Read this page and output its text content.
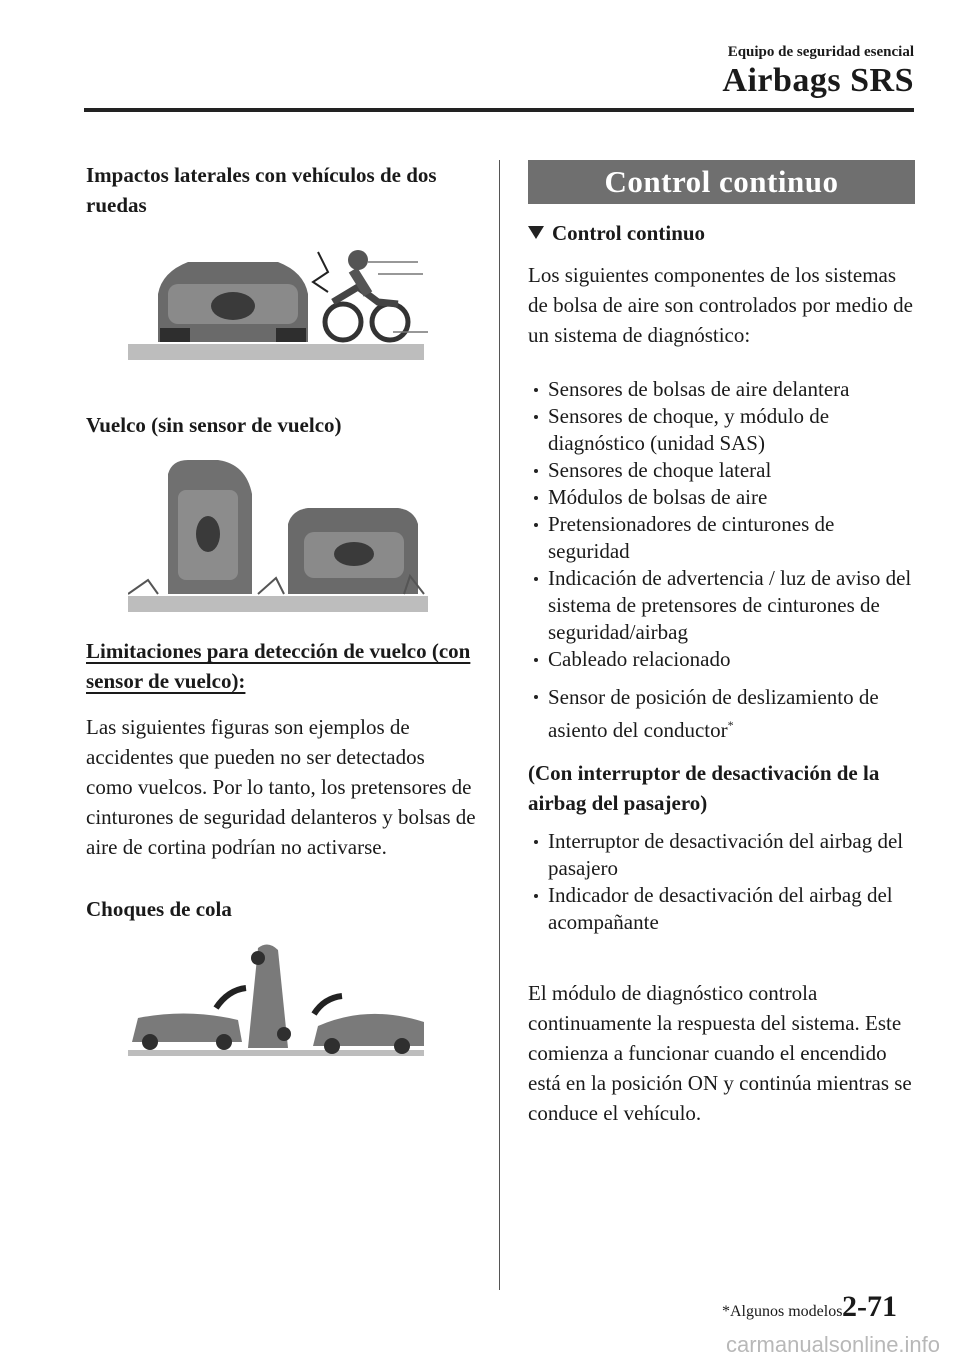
Equipo de seguridad esencial
Airbags SRS
Impactos laterales con vehículos de dos ruedas
Vuelco (sin sensor de vuelco)
Limitaciones para detección de vuelco (con sensor de vuelco):
Las siguientes figuras son ejemplos de accidentes que pueden no ser detectados como vuelcos. Por lo tanto, los pretensores de cinturones de seguridad delanteros y bolsas de aire de cortina podrían no activarse.
Choques de cola
Control continuo
Control continuo
Los siguientes componentes de los sistemas de bolsa de aire son controlados por medio de un sistema de diagnóstico:
Sensores de bolsas de aire delantera
Sensores de choque, y módulo de diagnóstico (unidad SAS)
Sensores de choque lateral
Módulos de bolsas de aire
Pretensionadores de cinturones de seguridad
Indicación de advertencia / luz de aviso del sistema de pretensores de cinturones de seguridad/airbag
Cableado relacionado
Sensor de posición de deslizamiento de asiento del conductor*
(Con interruptor de desactivación de la airbag del pasajero)
Interruptor de desactivación del airbag del pasajero
Indicador de desactivación del airbag del acompañante
El módulo de diagnóstico controla continuamente la respuesta del sistema. Este comienza a funcionar cuando el encendido está en la posición ON y continúa mientras se conduce el vehículo.
*Algunos modelos 2-71
carmanualsonline.info
